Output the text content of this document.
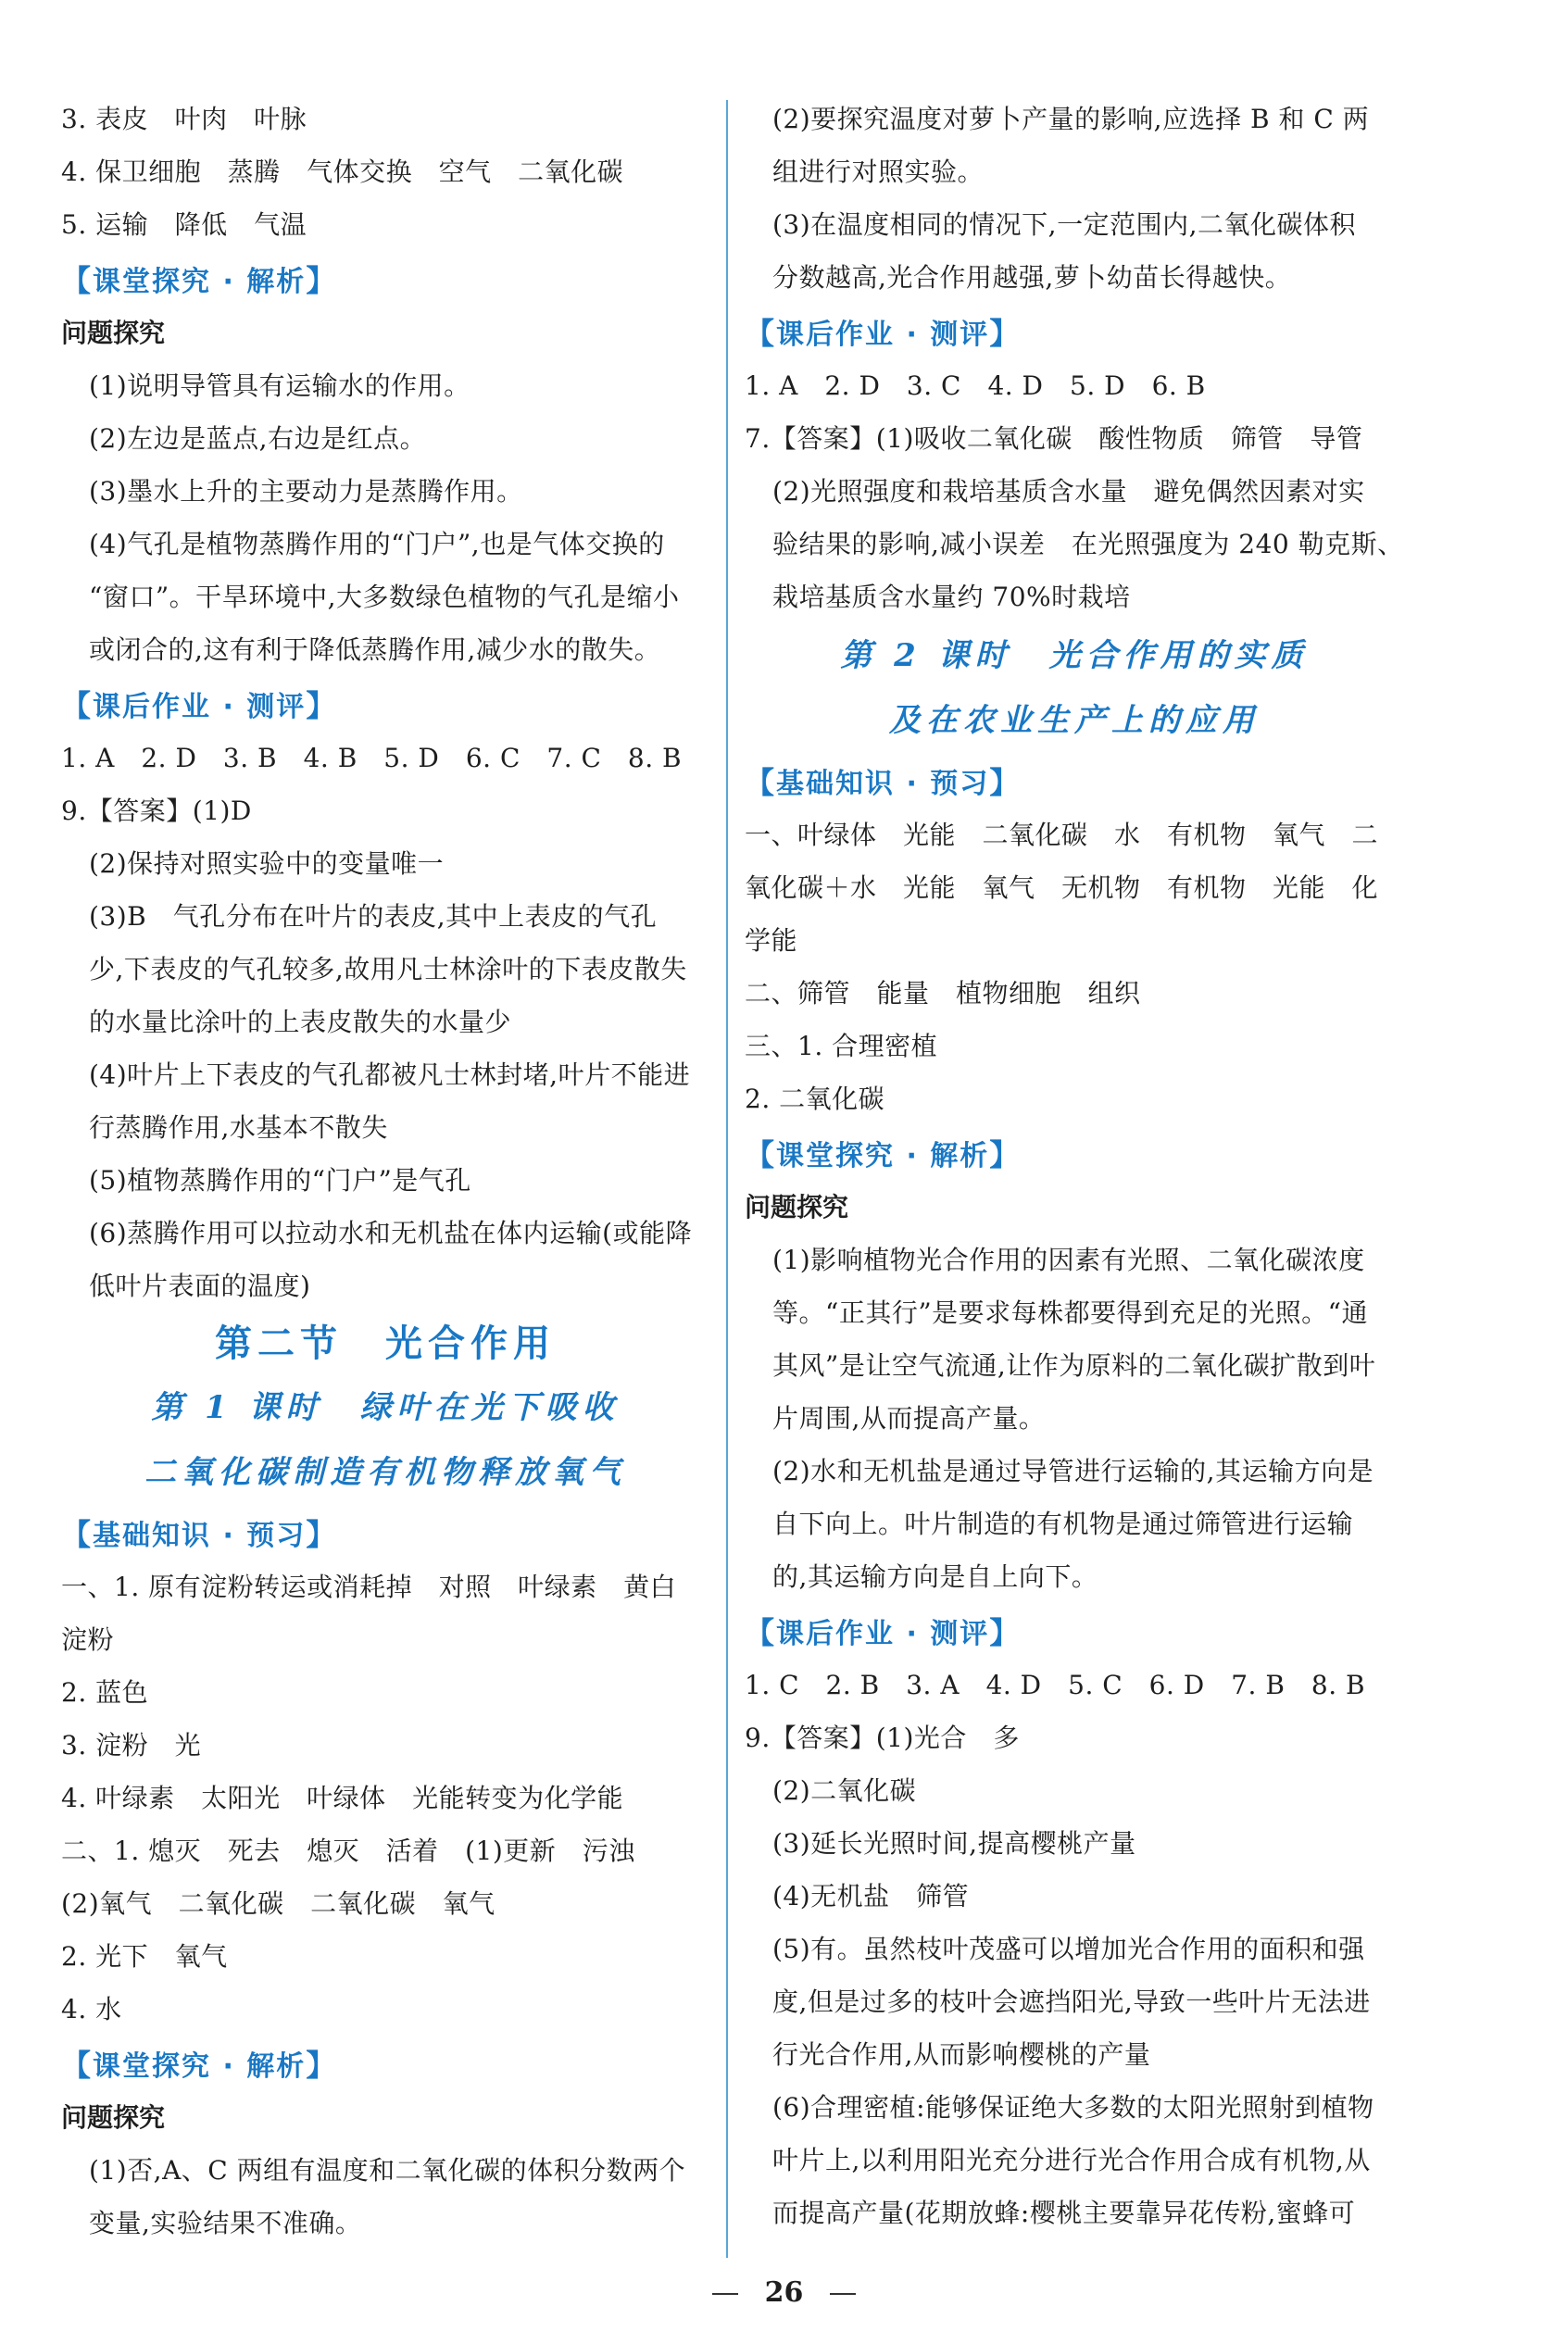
3. 表皮　叶肉　叶脉
4. 保卫细胞　蒸腾　气体交换　空气　二氧化碳
5. 运输　降低　气温
【课堂探究 · 解析】
问题探究
(1)说明导管具有运输水的作用。
(2)左边是蓝点,右边是红点。
(3)墨水上升的主要动力是蒸腾作用。
(4)气孔是植物蒸腾作用的“门户”,也是气体交换的
“窗口”。干旱环境中,大多数绿色植物的气孔是缩小
或闭合的,这有利于降低蒸腾作用,减少水的散失。
【课后作业 · 测评】
1. A　2. D　3. B　4. B　5. D　6. C　7. C　8. B
9.【答案】(1)D
(2)保持对照实验中的变量唯一
(3)B　气孔分布在叶片的表皮,其中上表皮的气孔
少,下表皮的气孔较多,故用凡士林涂叶的下表皮散失
的水量比涂叶的上表皮散失的水量少
(4)叶片上下表皮的气孔都被凡士林封堵,叶片不能进
行蒸腾作用,水基本不散失
(5)植物蒸腾作用的“门户”是气孔
(6)蒸腾作用可以拉动水和无机盐在体内运输(或能降
低叶片表面的温度)
第二节　光合作用
第 1 课时　绿叶在光下吸收
二氧化碳制造有机物释放氧气
【基础知识 · 预习】
一、1. 原有淀粉转运或消耗掉　对照　叶绿素　黄白
淀粉
2. 蓝色
3. 淀粉　光
4. 叶绿素　太阳光　叶绿体　光能转变为化学能
二、1. 熄灭　死去　熄灭　活着　(1)更新　污浊
(2)氧气　二氧化碳　二氧化碳　氧气
2. 光下　氧气
4. 水
【课堂探究 · 解析】
问题探究
(1)否,A、C 两组有温度和二氧化碳的体积分数两个
变量,实验结果不准确。
(2)要探究温度对萝卜产量的影响,应选择 B 和 C 两
组进行对照实验。
(3)在温度相同的情况下,一定范围内,二氧化碳体积
分数越高,光合作用越强,萝卜幼苗长得越快。
【课后作业 · 测评】
1. A　2. D　3. C　4. D　5. D　6. B
7.【答案】(1)吸收二氧化碳　酸性物质　筛管　导管
(2)光照强度和栽培基质含水量　避免偶然因素对实
验结果的影响,减小误差　在光照强度为 240 勒克斯、
栽培基质含水量约 70%时栽培
第 2 课时　光合作用的实质
及在农业生产上的应用
【基础知识 · 预习】
一、叶绿体　光能　二氧化碳　水　有机物　氧气　二
氧化碳＋水　光能　氧气　无机物　有机物　光能　化
学能
二、筛管　能量　植物细胞　组织
三、1. 合理密植
2. 二氧化碳
【课堂探究 · 解析】
问题探究
(1)影响植物光合作用的因素有光照、二氧化碳浓度
等。“正其行”是要求每株都要得到充足的光照。“通
其风”是让空气流通,让作为原料的二氧化碳扩散到叶
片周围,从而提高产量。
(2)水和无机盐是通过导管进行运输的,其运输方向是
自下向上。叶片制造的有机物是通过筛管进行运输
的,其运输方向是自上向下。
【课后作业 · 测评】
1. C　2. B　3. A　4. D　5. C　6. D　7. B　8. B
9.【答案】(1)光合　多
(2)二氧化碳
(3)延长光照时间,提高樱桃产量
(4)无机盐　筛管
(5)有。虽然枝叶茂盛可以增加光合作用的面积和强
度,但是过多的枝叶会遮挡阳光,导致一些叶片无法进
行光合作用,从而影响樱桃的产量
(6)合理密植:能够保证绝大多数的太阳光照射到植物
叶片上,以利用阳光充分进行光合作用合成有机物,从
而提高产量(花期放蜂:樱桃主要靠异花传粉,蜜蜂可
26
